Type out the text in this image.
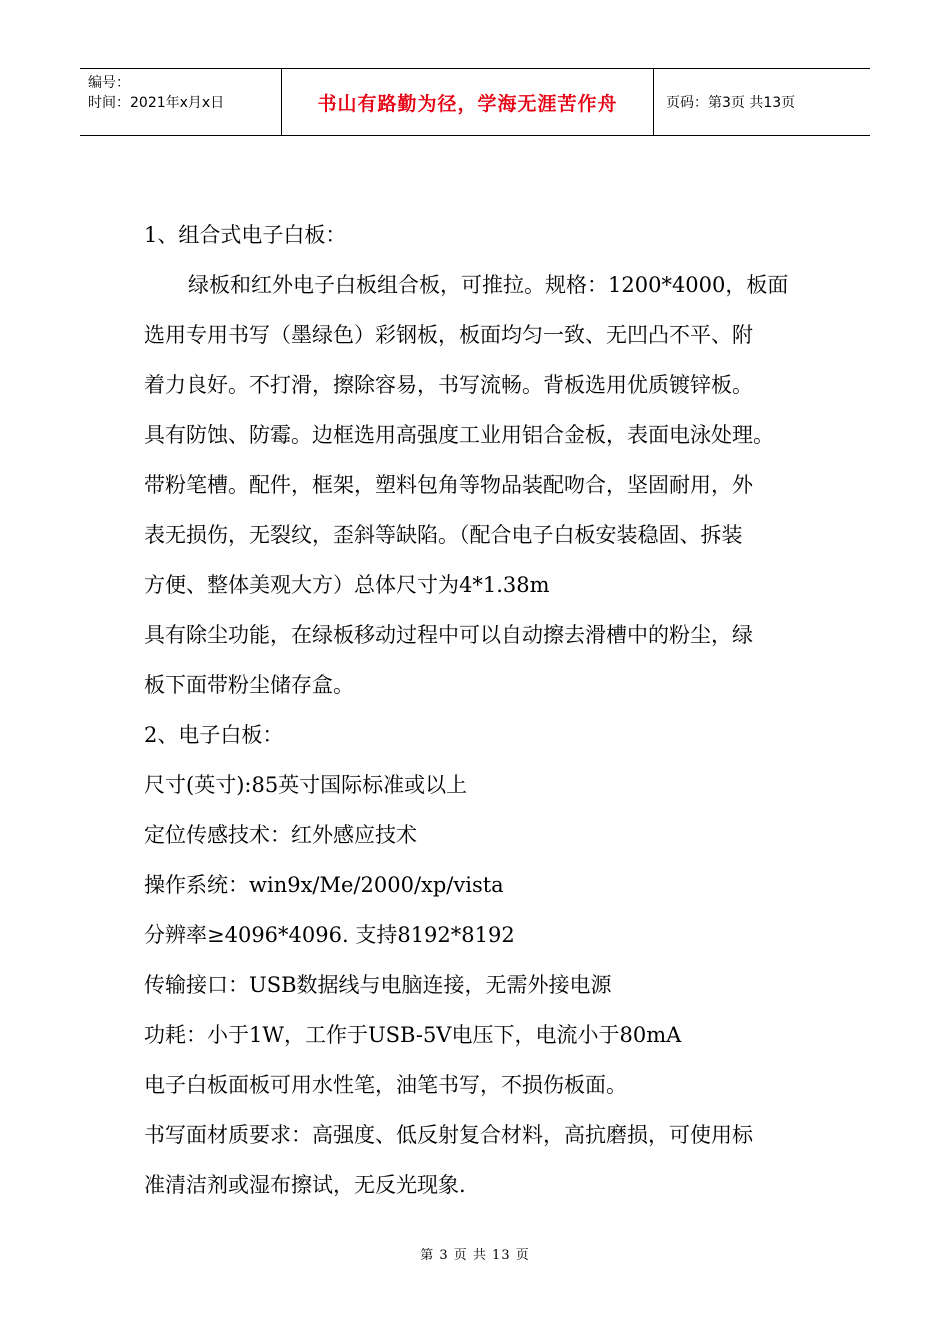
编号：
时间：2021年x月x日	书山有路勤为径，学海无涯苦作舟	页码：第3页 共13页
1、组合式电子白板：
绿板和红外电子白板组合板，可推拉。规格：1200*4000，板面
选用专用书写（墨绿色）彩钢板，板面均匀一致、无凹凸不平、附
着力良好。不打滑，擦除容易，书写流畅。背板选用优质镀锌板。
具有防蚀、防霉。边框选用高强度工业用铝合金板，表面电泳处理。
带粉笔槽。配件，框架，塑料包角等物品装配吻合，坚固耐用，外
表无损伤，无裂纹，歪斜等缺陷。（配合电子白板安装稳固、拆装
方便、整体美观大方）总体尺寸为4*1.38m
具有除尘功能，在绿板移动过程中可以自动擦去滑槽中的粉尘，绿
板下面带粉尘储存盒。
2、电子白板：
尺寸(英寸):85英寸国际标准或以上
定位传感技术：红外感应技术
操作系统：win9x/Me/2000/xp/vista
分辨率≥4096*4096. 支持8192*8192
传输接口：USB数据线与电脑连接，无需外接电源
功耗：小于1W，工作于USB-5V电压下，电流小于80mA
电子白板面板可用水性笔，油笔书写，不损伤板面。
书写面材质要求：高强度、低反射复合材料，高抗磨损，可使用标
准清洁剂或湿布擦试，无反光现象.
第 3 页 共 13 页
